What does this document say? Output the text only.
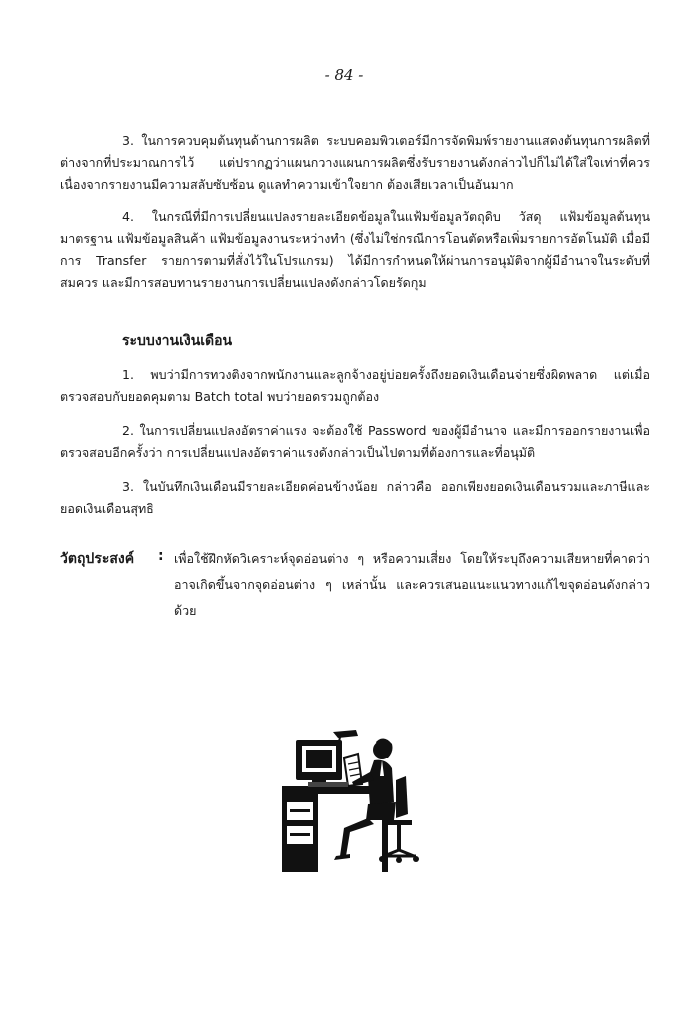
- 84 -

3. ในการควบคุมต้นทุนด้านการผลิต ระบบคอมพิวเตอร์มีการจัดพิมพ์รายงานแสดงต้นทุนการผลิตที่ต่างจากที่ประมาณการไว้ แต่ปรากฏว่าแผนกวางแผนการผลิตซึ่งรับรายงานดังกล่าวไปก็ไม่ได้ใส่ใจเท่าที่ควร เนื่องจากรายงานมีความสลับซับซ้อน ดูแลทำความเข้าใจยาก ต้องเสียเวลาเป็นอันมาก

4. ในกรณีที่มีการเปลี่ยนแปลงรายละเอียดข้อมูลในแฟ้มข้อมูลวัตถุดิบ วัสดุ แฟ้มข้อมูลต้นทุนมาตรฐาน แฟ้มข้อมูลสินค้า แฟ้มข้อมูลงานระหว่างทำ (ซึ่งไม่ใช่กรณีการโอนตัดหรือเพิ่มรายการอัตโนมัติ เมื่อมีการ Transfer รายการตามที่สั่งไว้ในโปรแกรม) ได้มีการกำหนดให้ผ่านการอนุมัติจากผู้มีอำนาจในระดับที่สมควร และมีการสอบทานรายงานการเปลี่ยนแปลงดังกล่าวโดยรัดกุม

ระบบงานเงินเดือน

1. พบว่ามีการทวงติงจากพนักงานและลูกจ้างอยู่บ่อยครั้งถึงยอดเงินเดือนจ่ายซึ่งผิดพลาด แต่เมื่อตรวจสอบกับยอดคุมตาม Batch total พบว่ายอดรวมถูกต้อง

2. ในการเปลี่ยนแปลงอัตราค่าแรง จะต้องใช้ Password ของผู้มีอำนาจ และมีการออกรายงานเพื่อตรวจสอบอีกครั้งว่า การเปลี่ยนแปลงอัตราค่าแรงดังกล่าวเป็นไปตามที่ต้องการและที่อนุมัติ

3. ในบันทึกเงินเดือนมีรายละเอียดค่อนข้างน้อย กล่าวคือ ออกเพียงยอดเงินเดือนรวมและภาษีและยอดเงินเดือนสุทธิ

วัตถุประสงค์ : เพื่อใช้ฝึกหัดวิเคราะห์จุดอ่อนต่าง ๆ หรือความเสี่ยง โดยให้ระบุถึงความเสียหายที่คาดว่าอาจเกิดขึ้นจากจุดอ่อนต่าง ๆ เหล่านั้น และควรเสนอแนะแนวทางแก้ไขจุดอ่อนดังกล่าวด้วย
